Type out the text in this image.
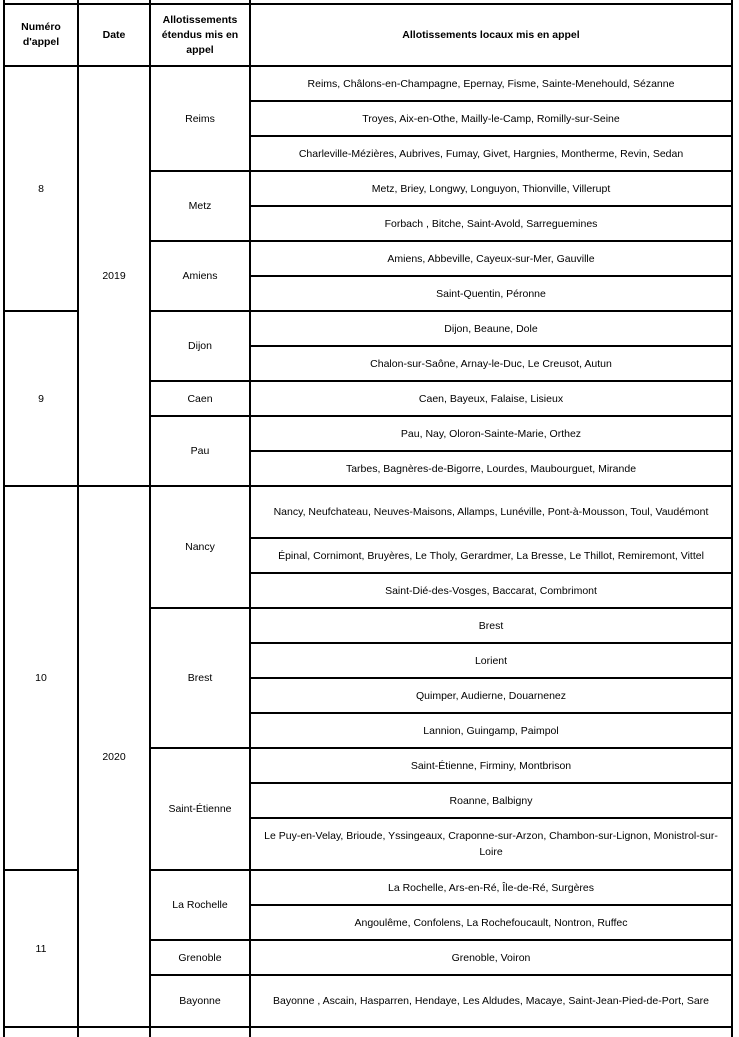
Numéro d'appel	Date	Allotissements étendus mis en appel	Allotissements locaux mis en appel
8	2019	Reims	Reims, Châlons-en-Champagne, Epernay, Fisme, Sainte-Menehould, Sézanne
			Troyes, Aix-en-Othe, Mailly-le-Camp, Romilly-sur-Seine
			Charleville-Mézières, Aubrives, Fumay, Givet, Hargnies, Montherme, Revin, Sedan
		Metz	Metz, Briey, Longwy, Longuyon, Thionville, Villerupt
			Forbach , Bitche, Saint-Avold, Sarreguemines
		Amiens	Amiens, Abbeville, Cayeux-sur-Mer, Gauville
			Saint-Quentin, Péronne
9		Dijon	Dijon, Beaune, Dole
			Chalon-sur-Saône, Arnay-le-Duc, Le Creusot, Autun
		Caen	Caen, Bayeux, Falaise, Lisieux
		Pau	Pau, Nay, Oloron-Sainte-Marie, Orthez
			Tarbes, Bagnères-de-Bigorre, Lourdes, Maubourguet, Mirande
10	2020	Nancy	Nancy, Neufchateau, Neuves-Maisons, Allamps, Lunéville, Pont-à-Mousson, Toul, Vaudémont
			Épinal, Cornimont, Bruyères, Le Tholy, Gerardmer, La Bresse, Le Thillot, Remiremont, Vittel
			Saint-Dié-des-Vosges, Baccarat, Combrimont
		Brest	Brest
			Lorient
			Quimper, Audierne, Douarnenez
			Lannion, Guingamp, Paimpol
		Saint-Étienne	Saint-Étienne, Firminy, Montbrison
			Roanne, Balbigny
			Le Puy-en-Velay, Brioude, Yssingeaux, Craponne-sur-Arzon, Chambon-sur-Lignon, Monistrol-sur-Loire
11		La Rochelle	La Rochelle, Ars-en-Ré, Île-de-Ré, Surgères
			Angoulême, Confolens, La Rochefoucault, Nontron, Ruffec
		Grenoble	Grenoble, Voiron
		Bayonne	Bayonne , Ascain, Hasparren, Hendaye, Les Aldudes, Macaye, Saint-Jean-Pied-de-Port, Sare
